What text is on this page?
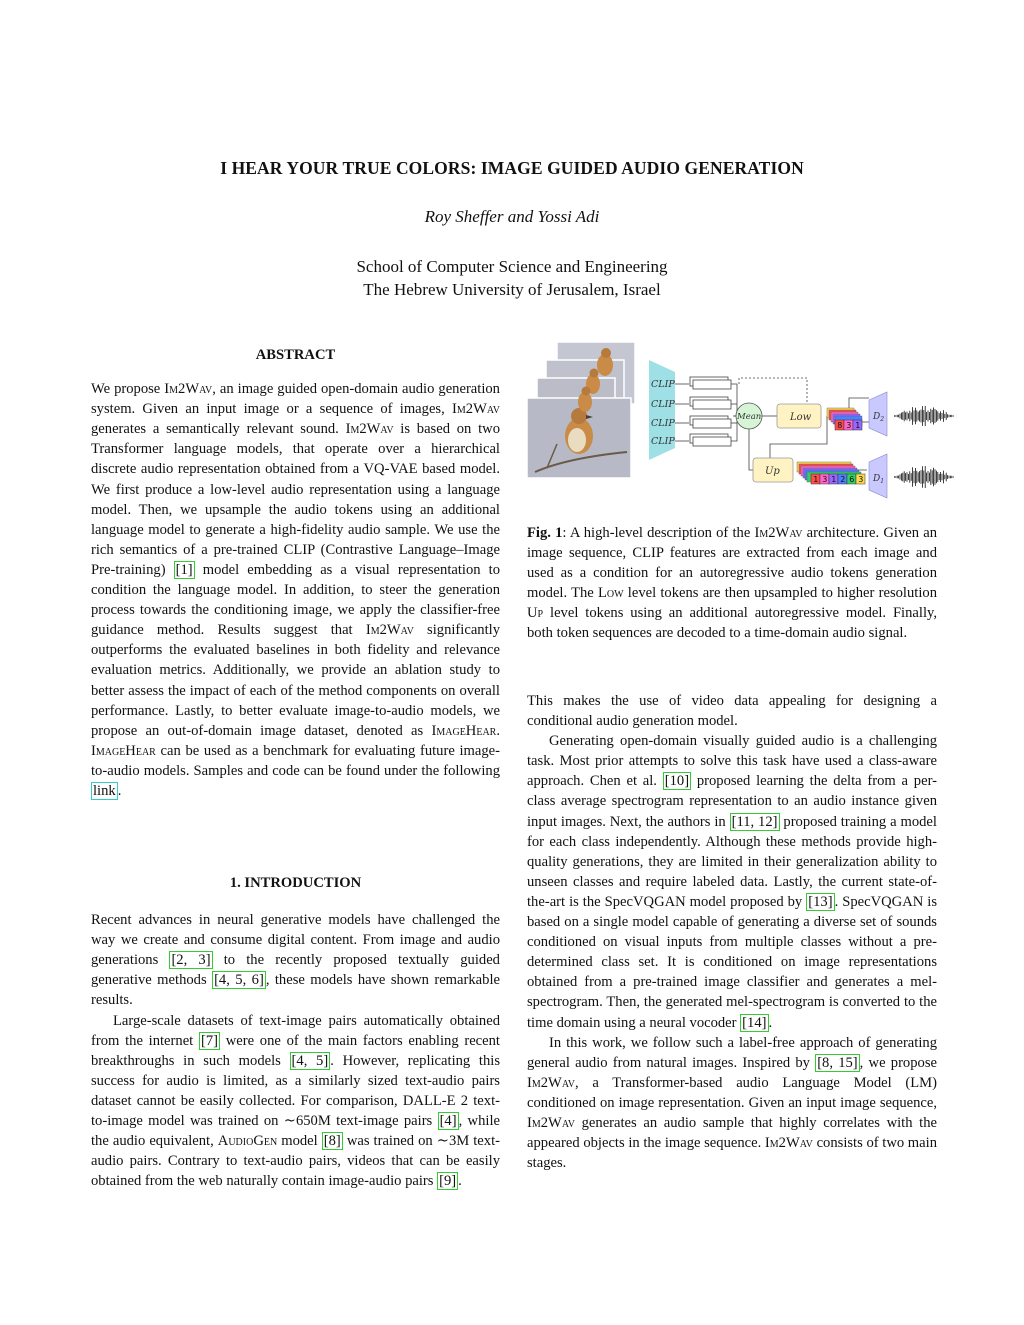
I HEAR YOUR TRUE COLORS: IMAGE GUIDED AUDIO GENERATION
Roy Sheffer and Yossi Adi
School of Computer Science and Engineering
The Hebrew University of Jerusalem, Israel
ABSTRACT

We propose Im2Wav, an image guided open-domain audio generation system. Given an input image or a sequence of images, Im2Wav generates a semantically relevant sound. Im2Wav is based on two Transformer language models, that operate over a hierarchical discrete audio representation obtained from a VQ-VAE based model. We first produce a low-level audio representation using a language model. Then, we upsample the audio tokens using an additional language model to generate a high-fidelity audio sample. We use the rich semantics of a pre-trained CLIP (Contrastive Language–Image Pre-training) [1] model embedding as a visual representation to condition the language model. In addition, to steer the generation process towards the conditioning image, we apply the classifier-free guidance method. Results suggest that Im2Wav significantly outperforms the evaluated baselines in both fidelity and relevance evaluation metrics. Additionally, we provide an ablation study to better assess the impact of each of the method components on overall performance. Lastly, to better evaluate image-to-audio models, we propose an out-of-domain image dataset, denoted as ImageHear. ImageHear can be used as a benchmark for evaluating future image-to-audio models. Samples and code can be found under the following link .

1. INTRODUCTION

Recent advances in neural generative models have challenged the way we create and consume digital content. From image and audio generations [2, 3] to the recently proposed textually guided generative methods [4, 5, 6] , these models have shown remarkable results.

Large-scale datasets of text-image pairs automatically obtained from the internet [7] were one of the main factors enabling recent breakthroughs in such models [4, 5] . However, replicating this success for audio is limited, as a similarly sized text-audio pairs dataset cannot be easily collected. For comparison, DALL-E 2 text-to-image model was trained on ∼650M text-image pairs [4] , while the audio equivalent, AudioGen model [8] was trained on ∼3M text-audio pairs. Contrary to text-audio pairs, videos that can be easily obtained from the web naturally contain image-audio pairs [9] .

CLIP
CLIP
CLIP
CLIP
Mean	Low
Up
8 3 1
1 3 1 2 6 3
$D_2$
$D_1$
Fig. 1: A high-level description of the Im2Wav architecture. Given an image sequence, CLIP features are extracted from each image and used as a condition for an autoregressive audio tokens generation model. The Low level tokens are then upsampled to higher resolution Up level tokens using an additional autoregressive model. Finally, both token sequences are decoded to a time-domain audio signal.

This makes the use of video data appealing for designing a conditional audio generation model.

Generating open-domain visually guided audio is a challenging task. Most prior attempts to solve this task have used a class-aware approach. Chen et al. [10] proposed learning the delta from a per-class average spectrogram representation to an audio instance given input images. Next, the authors in [11, 12] proposed training a model for each class independently. Although these methods provide high-quality generations, they are limited in their generalization ability to unseen classes and require labeled data. Lastly, the current state-of-the-art is the SpecVQGAN model proposed by [13] . SpecVQGAN is based on a single model capable of generating a diverse set of sounds conditioned on visual inputs from multiple classes without a pre-determined class set. It is conditioned on image representations obtained from a pre-trained image classifier and generates a mel-spectrogram. Then, the generated mel-spectrogram is converted to the time domain using a neural vocoder [14] .

In this work, we follow such a label-free approach of generating general audio from natural images. Inspired by [8, 15] , we propose Im2Wav, a Transformer-based audio Language Model (LM) conditioned on image representation. Given an input image sequence, Im2Wav generates an audio sample that highly correlates with the appeared objects in the image sequence. Im2Wav consists of two main stages.
